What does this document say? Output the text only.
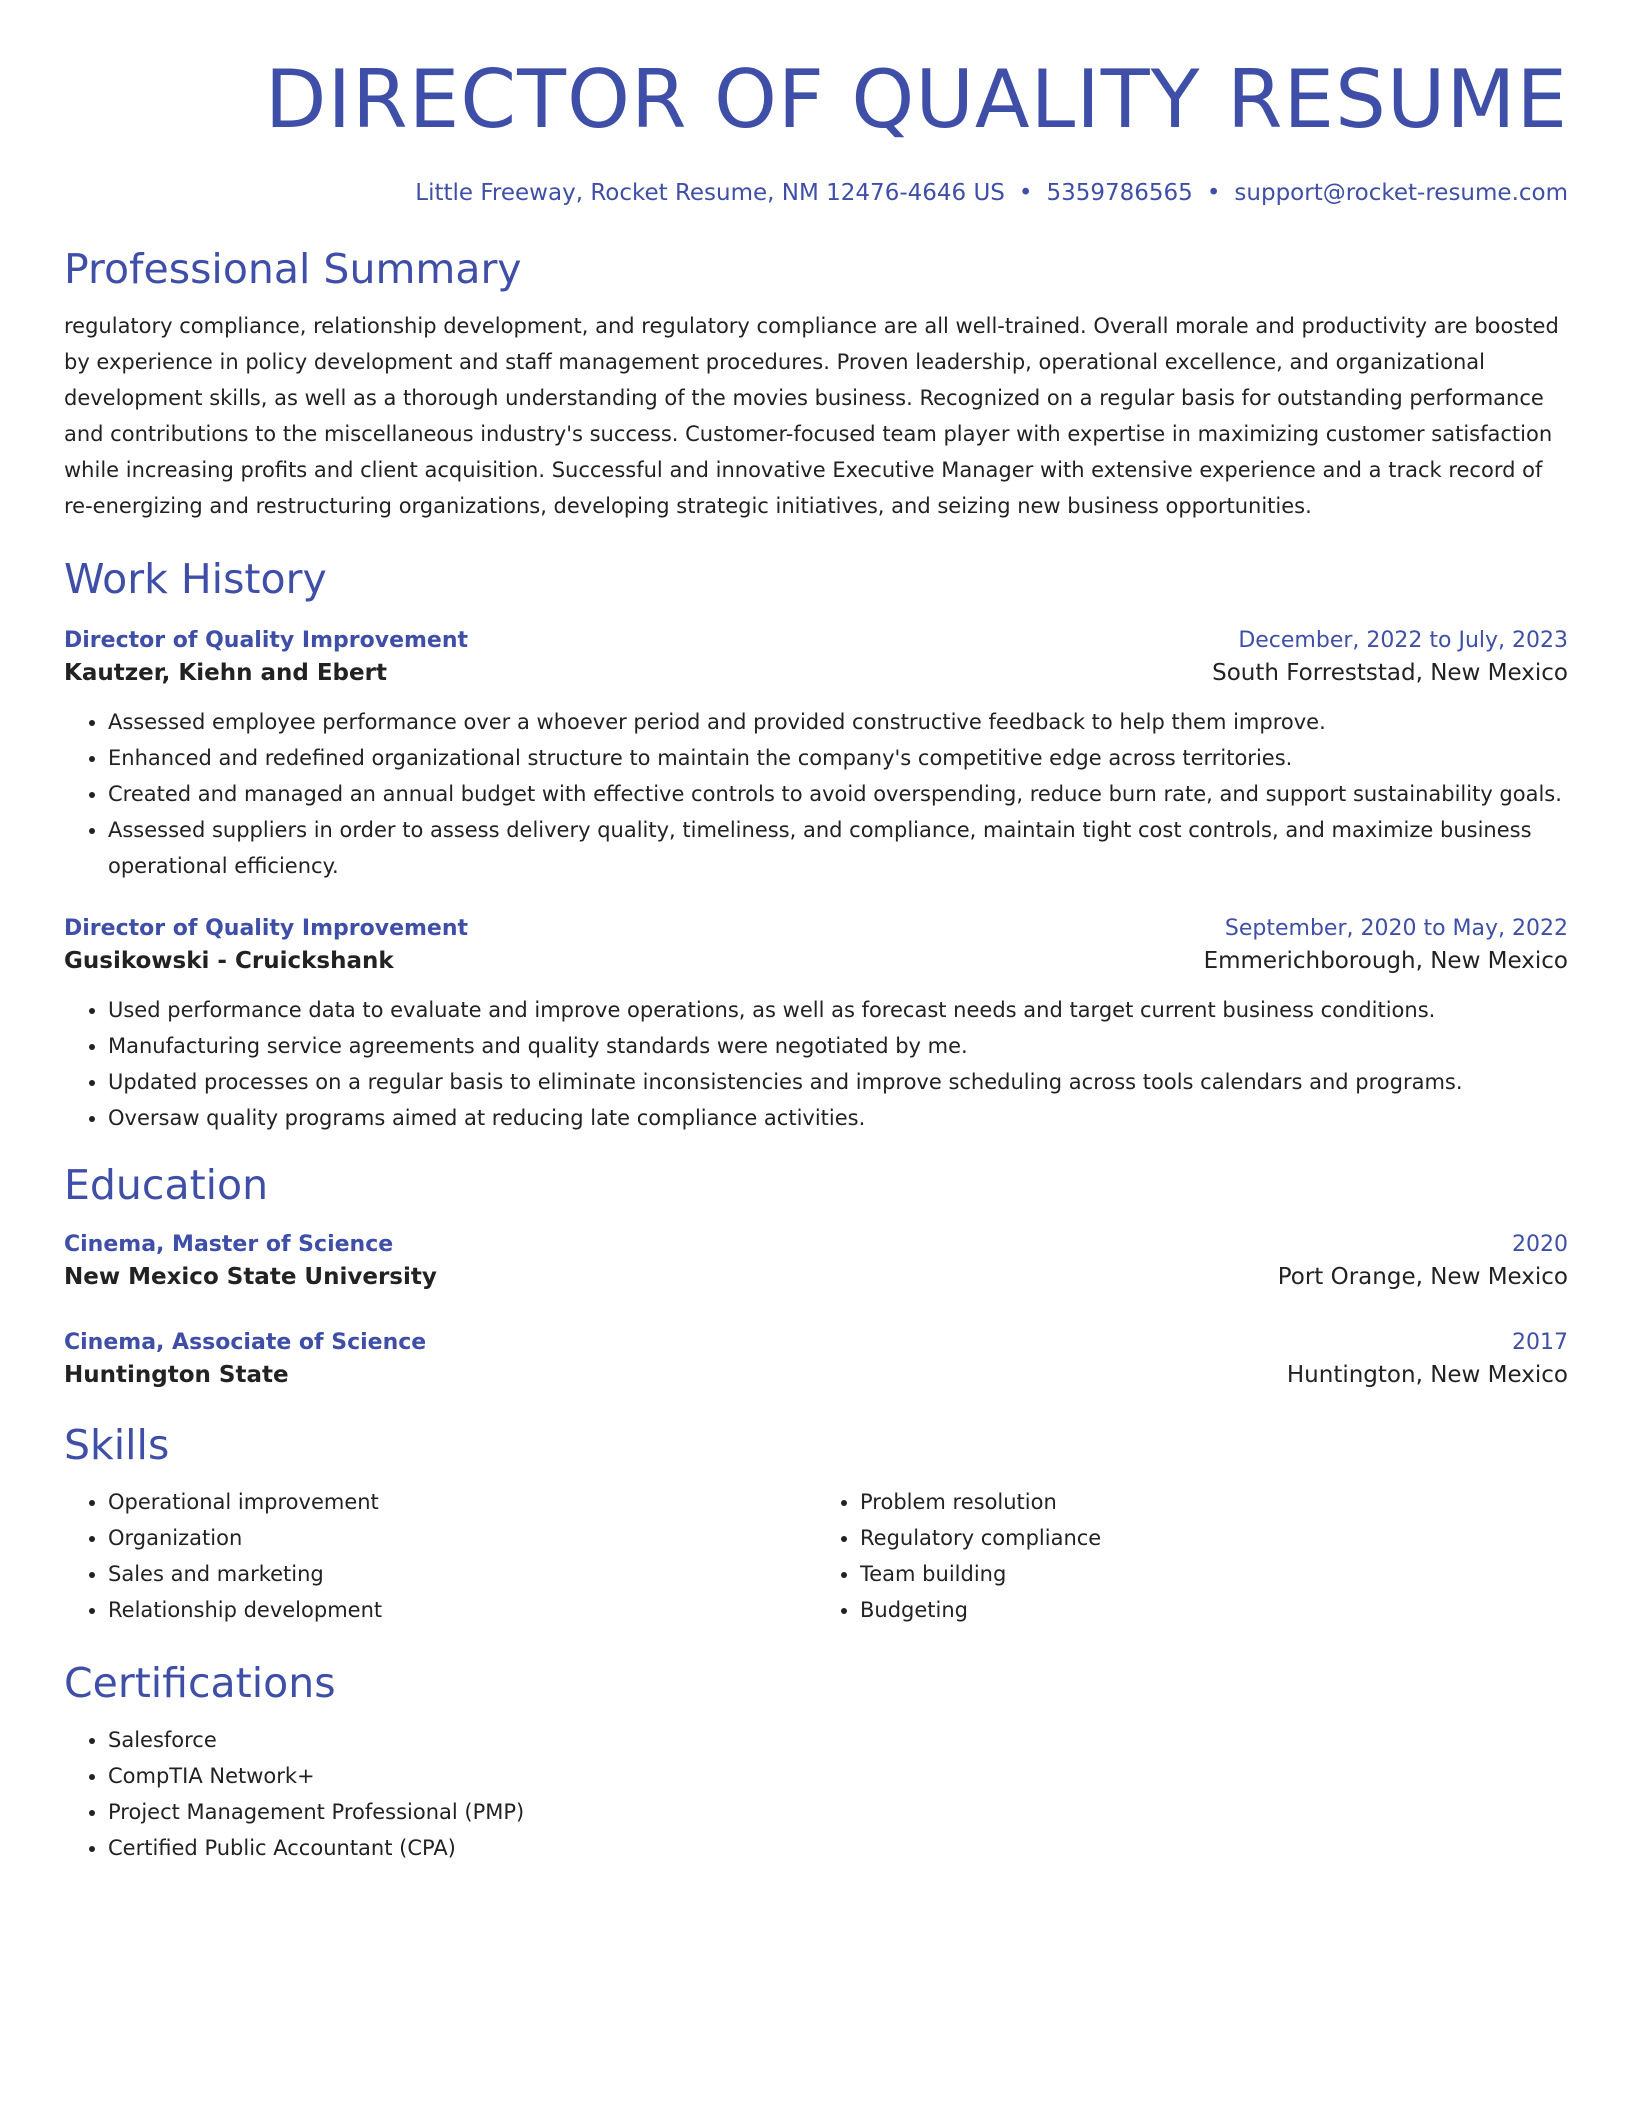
DIRECTOR OF QUALITY RESUME
Little Freeway, Rocket Resume, NM 12476-4646 US • 5359786565 • support@rocket-resume.com
Professional Summary
regulatory compliance, relationship development, and regulatory compliance are all well-trained. Overall morale and productivity are boosted by experience in policy development and staff management procedures. Proven leadership, operational excellence, and organizational development skills, as well as a thorough understanding of the movies business. Recognized on a regular basis for outstanding performance and contributions to the miscellaneous industry's success. Customer-focused team player with expertise in maximizing customer satisfaction while increasing profits and client acquisition. Successful and innovative Executive Manager with extensive experience and a track record of re-energizing and restructuring organizations, developing strategic initiatives, and seizing new business opportunities.
Work History
Director of Quality Improvement	December, 2022 to July, 2023
Kautzer, Kiehn and Ebert	South Forreststad, New Mexico
• Assessed employee performance over a whoever period and provided constructive feedback to help them improve.
• Enhanced and redefined organizational structure to maintain the company's competitive edge across territories.
• Created and managed an annual budget with effective controls to avoid overspending, reduce burn rate, and support sustainability goals.
• Assessed suppliers in order to assess delivery quality, timeliness, and compliance, maintain tight cost controls, and maximize business operational efficiency.
Director of Quality Improvement	September, 2020 to May, 2022
Gusikowski - Cruickshank	Emmerichborough, New Mexico
• Used performance data to evaluate and improve operations, as well as forecast needs and target current business conditions.
• Manufacturing service agreements and quality standards were negotiated by me.
• Updated processes on a regular basis to eliminate inconsistencies and improve scheduling across tools calendars and programs.
• Oversaw quality programs aimed at reducing late compliance activities.
Education
Cinema, Master of Science	2020
New Mexico State University	Port Orange, New Mexico
Cinema, Associate of Science	2017
Huntington State	Huntington, New Mexico
Skills
• Operational improvement
• Organization
• Sales and marketing
• Relationship development
• Problem resolution
• Regulatory compliance
• Team building
• Budgeting
Certifications
• Salesforce
• CompTIA Network+
• Project Management Professional (PMP)
• Certified Public Accountant (CPA)
